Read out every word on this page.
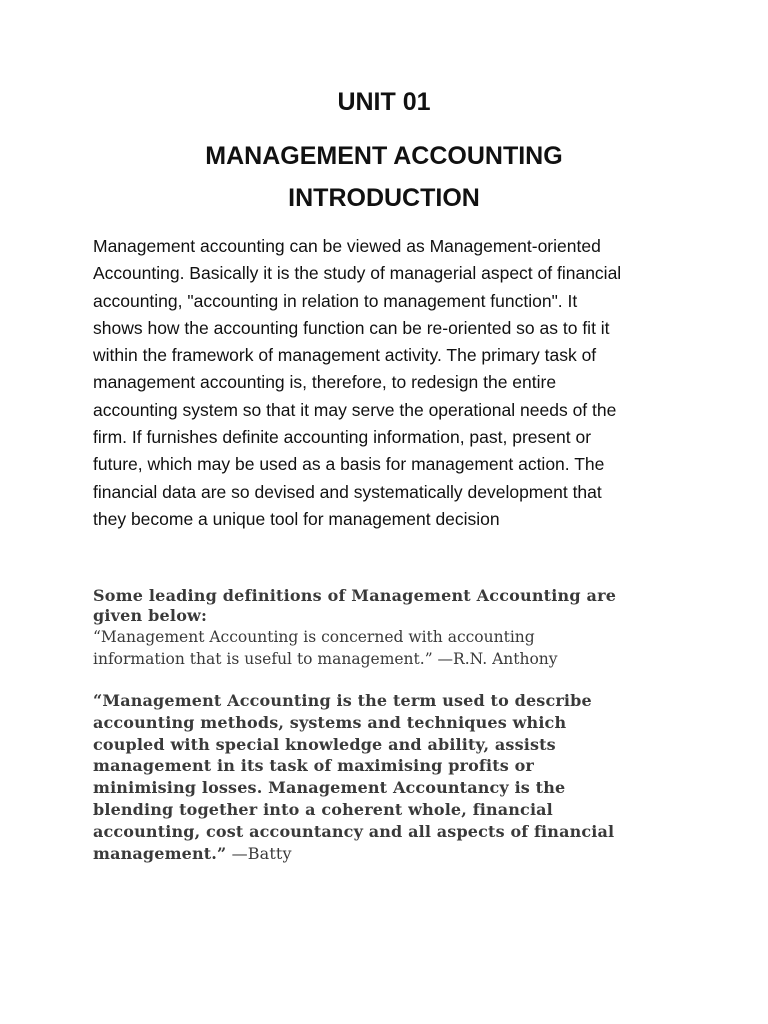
UNIT 01
MANAGEMENT ACCOUNTING
INTRODUCTION

Management accounting can be viewed as Management-oriented
Accounting. Basically it is the study of managerial aspect of financial
accounting, "accounting in relation to management function". It
shows how the accounting function can be re-oriented so as to fit it
within the framework of management activity. The primary task of
management accounting is, therefore, to redesign the entire
accounting system so that it may serve the operational needs of the
firm. If furnishes definite accounting information, past, present or
future, which may be used as a basis for management action. The
financial data are so devised and systematically development that
they become a unique tool for management decision

Some leading definitions of Management Accounting are
given below:
“Management Accounting is concerned with accounting
information that is useful to management.” —R.N. Anthony
“Management Accounting is the term used to describe
accounting methods, systems and techniques which
coupled with special knowledge and ability, assists
management in its task of maximising profits or
minimising losses. Management Accountancy is the
blending together into a coherent whole, financial
accounting, cost accountancy and all aspects of financial
management.” —Batty
